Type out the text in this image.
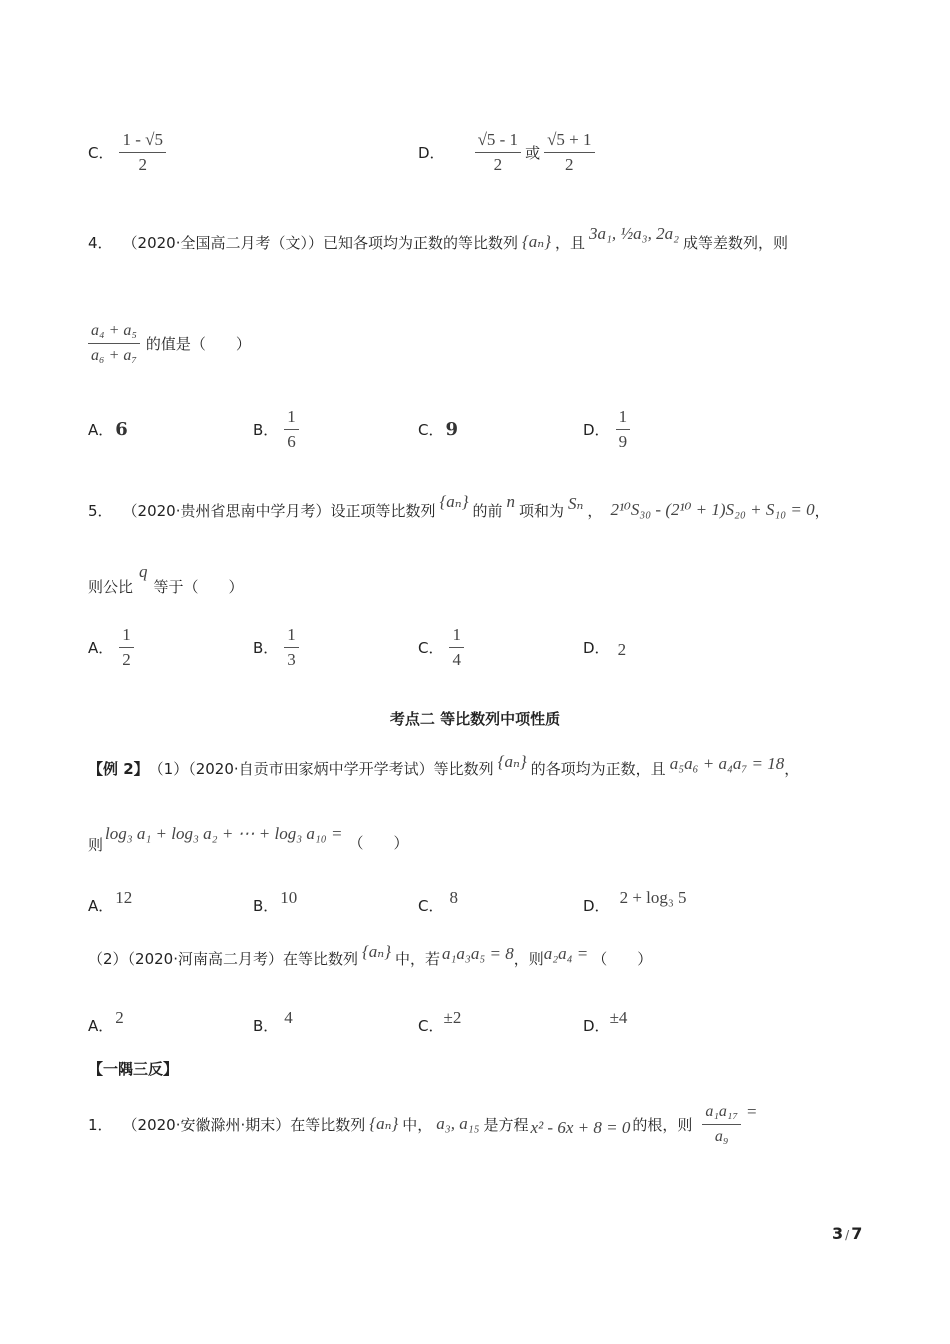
C． $\frac{1 - √5}{2}$	D． $\frac{√5 - 1}{2}$ 或 $\frac{√5 + 1}{2}$
4． （2020·全国高二月考（文））已知各项均为正数的等比数列 {aₙ} ，且 3a₁, ½a₃, 2a₂ 成等差数列，则
$\frac{\text{a₄ + a₅}}{\text{a₆ + a₇}}$ 的值是（　　）
A． 6	B． $\frac{1}{6}$	C． 9	D． $\frac{1}{9}$
5． （2020·贵州省思南中学月考）设正项等比数列 {aₙ} 的前 n 项和为 Sₙ ， 2¹⁰S₃₀ - (2¹⁰ + 1)S₂₀ + S₁₀ = 0 ，
则公比
q
等于（　　）
A． $\frac{1}{2}$	B． $\frac{1}{3}$	C． $\frac{1}{4}$	D． 2
考点二 等比数列中项性质
【例 2】 （1）（2020·自贡市田家炳中学开学考试）等比数列 {aₙ} 的各项均为正数，且 a₅a₆ + a₄a₇ = 18 ，
则
log₃ a₁ + log₃ a₂ + ⋯ + log₃ a₁₀ = （　　）
A． 12	B． 10	C． 8	D． 2 + log₃ 5
（2）（2020·河南高二月考）在等比数列 {aₙ} 中，若 a₁a₃a₅ = 8 ，则 a₂a₄ = （　　）
A． 2	B． 4	C． ±2	D． ±4
【一隅三反】
1． （2020·安徽滁州·期末）在等比数列 {aₙ} 中， a₃, a₁₅ 是方程 x² - 6x + 8 = 0 的根，则 $\frac{\text{a₁a₁₇}}{\text{a₉}}$ =
3 / 7
